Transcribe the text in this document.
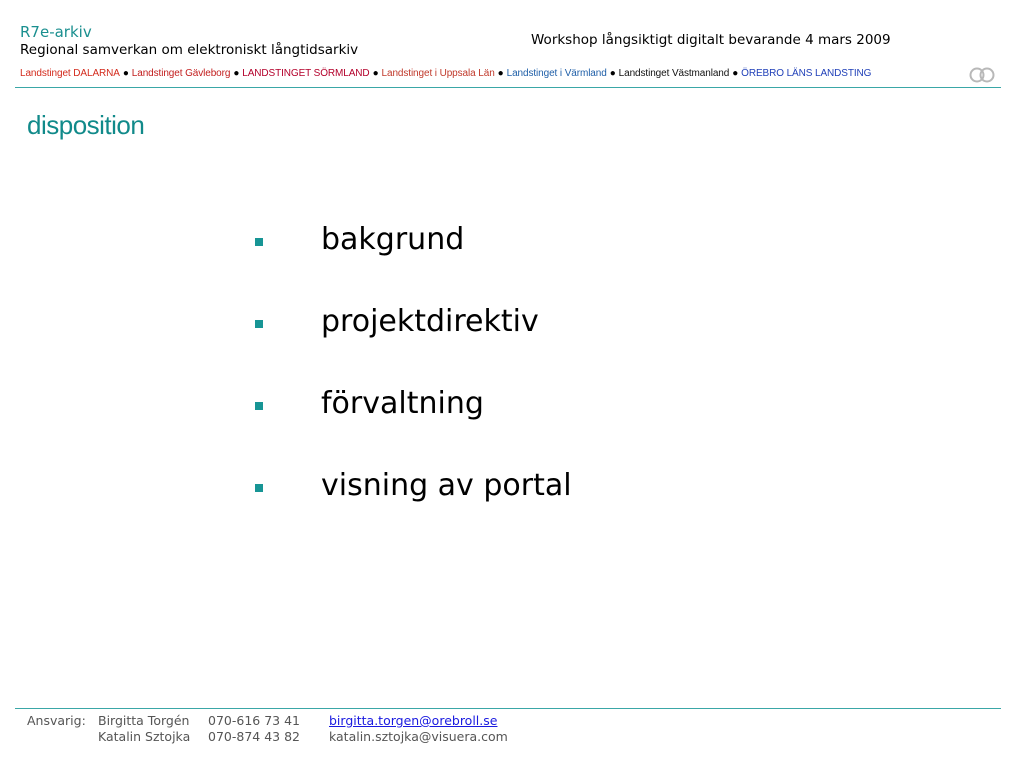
R7e-arkiv
Regional samverkan om elektroniskt långtidsarkiv
Workshop långsiktigt digitalt bevarande 4 mars 2009
Landstinget DALARNA ● Landstinget Gävleborg ● LANDSTINGET SÖRMLAND ● Landstinget i Uppsala Län ● Landstinget i Värmland ● Landstinget Västmanland ● ÖREBRO LÄNS LANDSTING
disposition
bakgrund
projektdirektiv
förvaltning
visning av portal
Ansvarig: Birgitta Torgén 070-616 73 41 birgitta.torgen@orebroll.se
Katalin Sztojka 070-874 43 82 katalin.sztojka@visuera.com
